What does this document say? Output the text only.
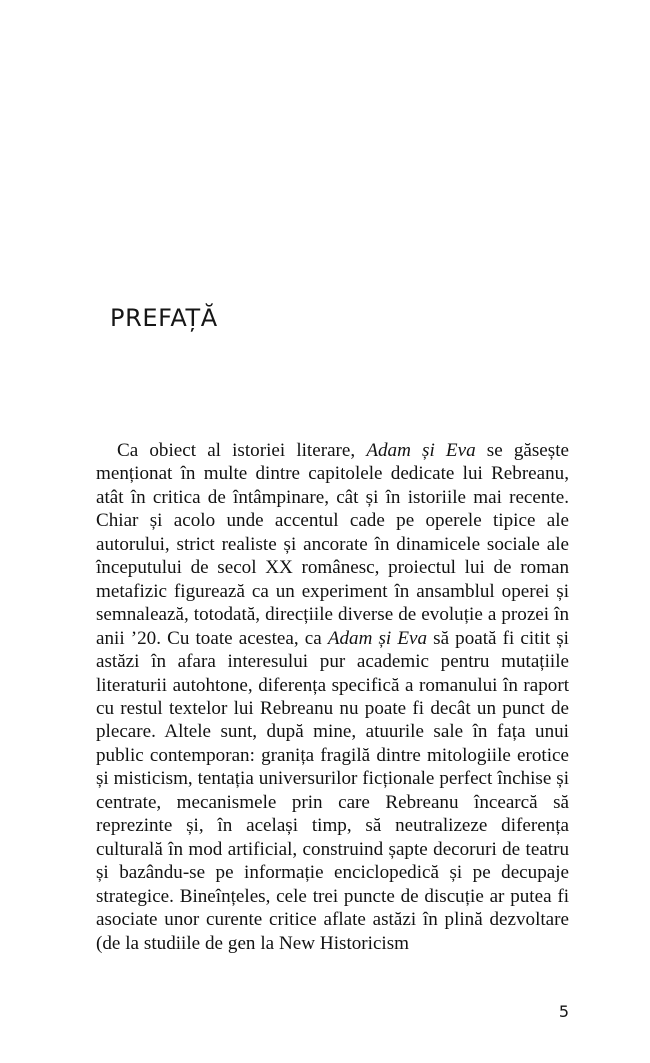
PREFAȚĂ

Ca obiect al istoriei literare, Adam și Eva se găsește menționat în multe dintre capitolele dedicate lui Rebreanu, atât în critica de întâmpinare, cât și în istoriile mai recente. Chiar și acolo unde accentul cade pe operele tipice ale autorului, strict realiste și ancorate în dinamicele sociale ale începutului de secol XX românesc, proiectul lui de roman metafizic figurează ca un experiment în ansamblul operei și semnalează, totodată, direcțiile diverse de evoluție a prozei în anii ’20. Cu toate acestea, ca Adam și Eva să poată fi citit și astăzi în afara interesului pur academic pentru mutațiile literaturii autohtone, diferența specifică a romanului în raport cu restul textelor lui Rebreanu nu poate fi decât un punct de plecare. Altele sunt, după mine, atuurile sale în fața unui public contemporan: granița fragilă dintre mitologiile erotice și misticism, tentația universurilor ficționale perfect închise și centrate, mecanismele prin care Rebreanu încearcă să reprezinte și, în același timp, să neutralizeze diferența culturală în mod artificial, construind șapte decoruri de teatru și bazându-se pe informație enciclopedică și pe decupaje strategice. Bineînțeles, cele trei puncte de discuție ar putea fi asociate unor curente critice aflate astăzi în plină dezvoltare (de la studiile de gen la New Historicism

5
